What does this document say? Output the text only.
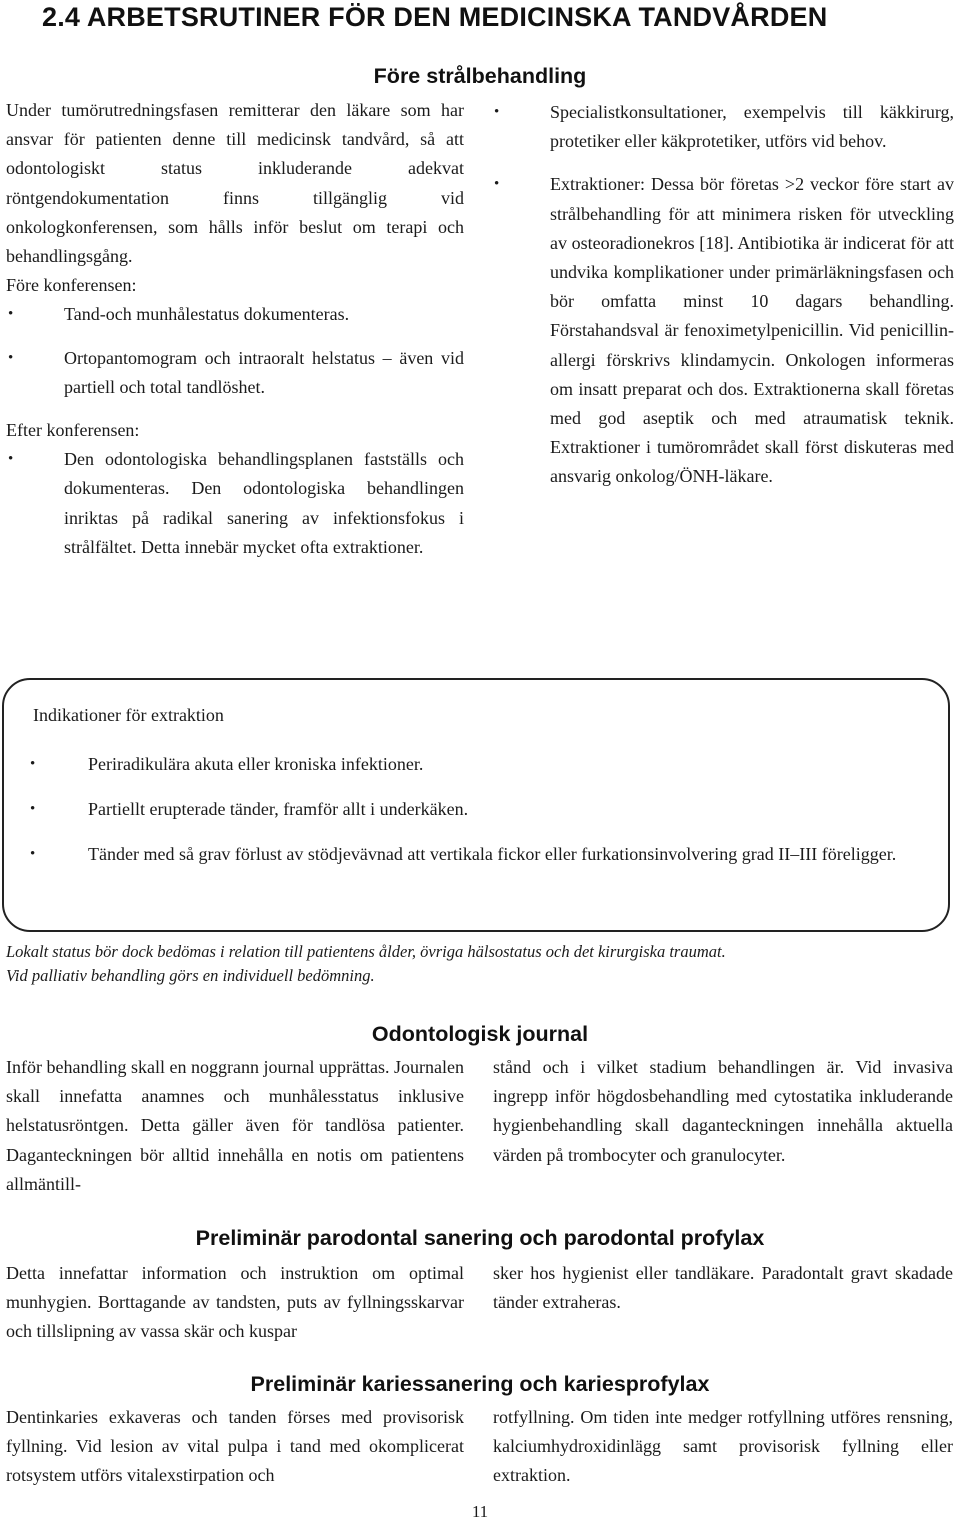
2.4 ARBETSRUTINER FÖR DEN MEDICINSKA TANDVÅRDEN
Före strålbehandling

Under tumörutredningsfasen remitterar den läkare som har ansvar för patienten denne till medicinsk tandvård, så att odontologiskt status inkluderande adekvat röntgendokumentation finns tillgänglig vid onkologkonferensen, som hålls inför beslut om terapi och behandlingsgång.

Före konferensen:

•	Tand-och munhålestatus dokumenteras.
•	Ortopantomogram och intraoralt helstatus – även vid partiell och total tandlöshet.

Efter konferensen:

•	Den odontologiska behandlingsplanen fastställs och dokumenteras. Den odontologiska behandlingen inriktas på radikal sanering av infektionsfokus i strålfältet. Detta innebär mycket ofta extraktioner.
•	Specialistkonsultationer, exempelvis till käkkirurg, protetiker eller käkprotetiker, utförs vid behov.
•	Extraktioner: Dessa bör företas >2 veckor före start av strålbehandling för att minimera risken för utveckling av osteoradionekros [18]. Antibiotika är indicerat för att undvika komplikationer under primärläkningsfasen och bör omfatta minst 10 dagars behandling. Förstahandsval är fenoximetylpenicillin. Vid penicillin-allergi förskrivs klindamycin. Onkologen informeras om insatt preparat och dos. Extraktionerna skall företas med god aseptik och med atraumatisk teknik. Extraktioner i tumörområdet skall först diskuteras med ansvarig onkolog/ÖNH-läkare.
Indikationer för extraktion
•	Periradikulära akuta eller kroniska infektioner.
•	Partiellt erupterade tänder, framför allt i underkäken.
•	Tänder med så grav förlust av stödjevävnad att vertikala fickor eller furkationsinvolvering grad II–III föreligger.

Lokalt status bör dock bedömas i relation till patientens ålder, övriga hälsostatus och det kirurgiska traumat.

Vid palliativ behandling görs en individuell bedömning.

Odontologisk journal

Inför behandling skall en noggrann journal upprättas. Journalen skall innefatta anamnes och munhålesstatus inklusive helstatusröntgen. Detta gäller även för tandlösa patienter. Daganteckningen bör alltid innehålla en notis om patientens allmäntill-

stånd och i vilket stadium behandlingen är. Vid invasiva ingrepp inför högdosbehandling med cytostatika inkluderande hygienbehandling skall daganteckningen innehålla aktuella värden på trombocyter och granulocyter.

Preliminär parodontal sanering och parodontal profylax

Detta innefattar information och instruktion om optimal munhygien. Borttagande av tandsten, puts av fyllningsskarvar och tillslipning av vassa skär och kuspar

sker hos hygienist eller tandläkare. Paradontalt gravt skadade tänder extraheras.

Preliminär kariessanering och kariesprofylax

Dentinkaries exkaveras och tanden förses med provisorisk fyllning. Vid lesion av vital pulpa i tand med okomplicerat rotsystem utförs vitalexstirpation och

rotfyllning. Om tiden inte medger rotfyllning utföres rensning, kalciumhydroxidinlägg samt provisorisk fyllning eller extraktion.

11
